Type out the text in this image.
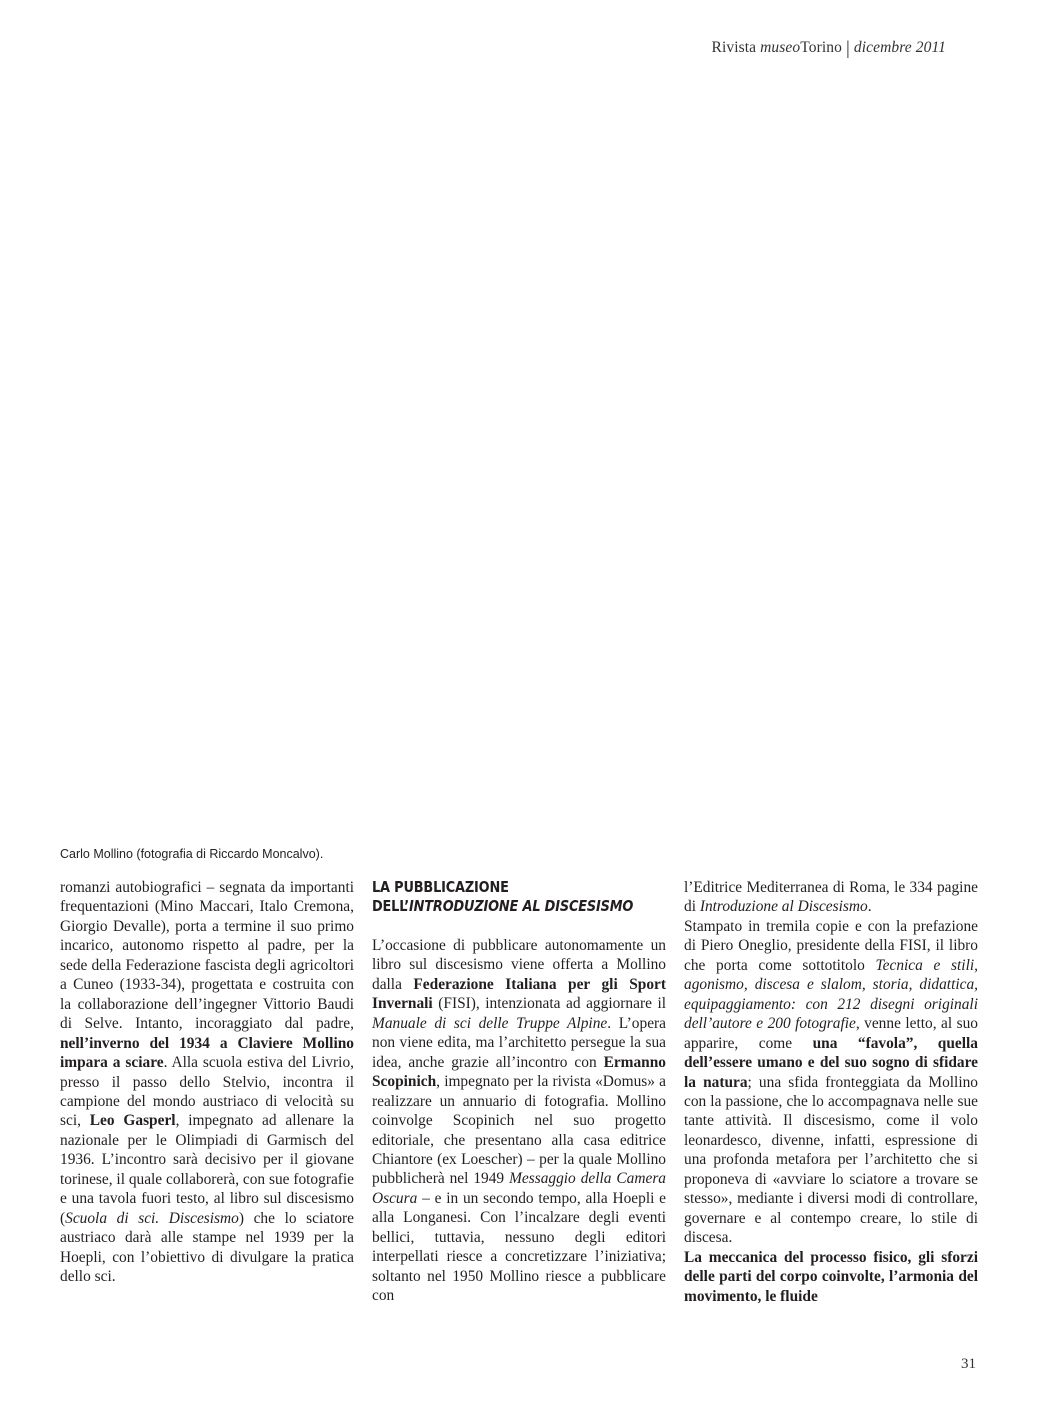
Rivista museoTorino | dicembre 2011
Carlo Mollino (fotografia di Riccardo Moncalvo).

romanzi autobiografici – segnata da importanti frequentazioni (Mino Maccari, Italo Cremona, Giorgio Devalle), porta a termine il suo primo incarico, autonomo rispetto al padre, per la sede della Federazione fascista degli agricoltori a Cuneo (1933-34), progettata e costruita con la collaborazione dell’ingegner Vittorio Baudi di Selve. Intanto, incoraggiato dal padre, nell’inverno del 1934 a Claviere Mollino impara a sciare. Alla scuola estiva del Livrio, presso il passo dello Stelvio, incontra il campione del mondo austriaco di velocità su sci, Leo Gasperl, impegnato ad allenare la nazionale per le Olimpiadi di Garmisch del 1936. L’incontro sarà decisivo per il giovane torinese, il quale collaborerà, con sue fotografie e una tavola fuori testo, al libro sul discesismo (Scuola di sci. Discesismo) che lo sciatore austriaco darà alle stampe nel 1939 per la Hoepli, con l’obiettivo di divulgare la pratica dello sci.

LA PUBBLICAZIONE
DELL’INTRODUZIONE AL DISCESISMO

L’occasione di pubblicare autonomamente un libro sul discesismo viene offerta a Mollino dalla Federazione Italiana per gli Sport Invernali (FISI), intenzionata ad aggiornare il Manuale di sci delle Truppe Alpine. L’opera non viene edita, ma l’architetto persegue la sua idea, anche grazie all’incontro con Ermanno Scopinich, impegnato per la rivista «Domus» a realizzare un annuario di fotografia. Mollino coinvolge Scopinich nel suo progetto editoriale, che presentano alla casa editrice Chiantore (ex Loescher) – per la quale Mollino pubblicherà nel 1949 Messaggio della Camera Oscura – e in un secondo tempo, alla Hoepli e alla Longanesi. Con l’incalzare degli eventi bellici, tuttavia, nessuno degli editori interpellati riesce a concretizzare l’iniziativa; soltanto nel 1950 Mollino riesce a pubblicare con

l’Editrice Mediterranea di Roma, le 334 pagine di Introduzione al Discesismo.

Stampato in tremila copie e con la prefazione di Piero Oneglio, presidente della FISI, il libro che porta come sottotitolo Tecnica e stili, agonismo, discesa e slalom, storia, didattica, equipaggiamento: con 212 disegni originali dell’autore e 200 fotografie, venne letto, al suo apparire, come una “favola”, quella dell’essere umano e del suo sogno di sfidare la natura; una sfida fronteggiata da Mollino con la passione, che lo accompagnava nelle sue tante attività. Il discesismo, come il volo leonardesco, divenne, infatti, espressione di una profonda metafora per l’architetto che si proponeva di «avviare lo sciatore a trovare se stesso», mediante i diversi modi di controllare, governare e al contempo creare, lo stile di discesa.

La meccanica del processo fisico, gli sforzi delle parti del corpo coinvolte, l’armonia del movimento, le fluide

31
